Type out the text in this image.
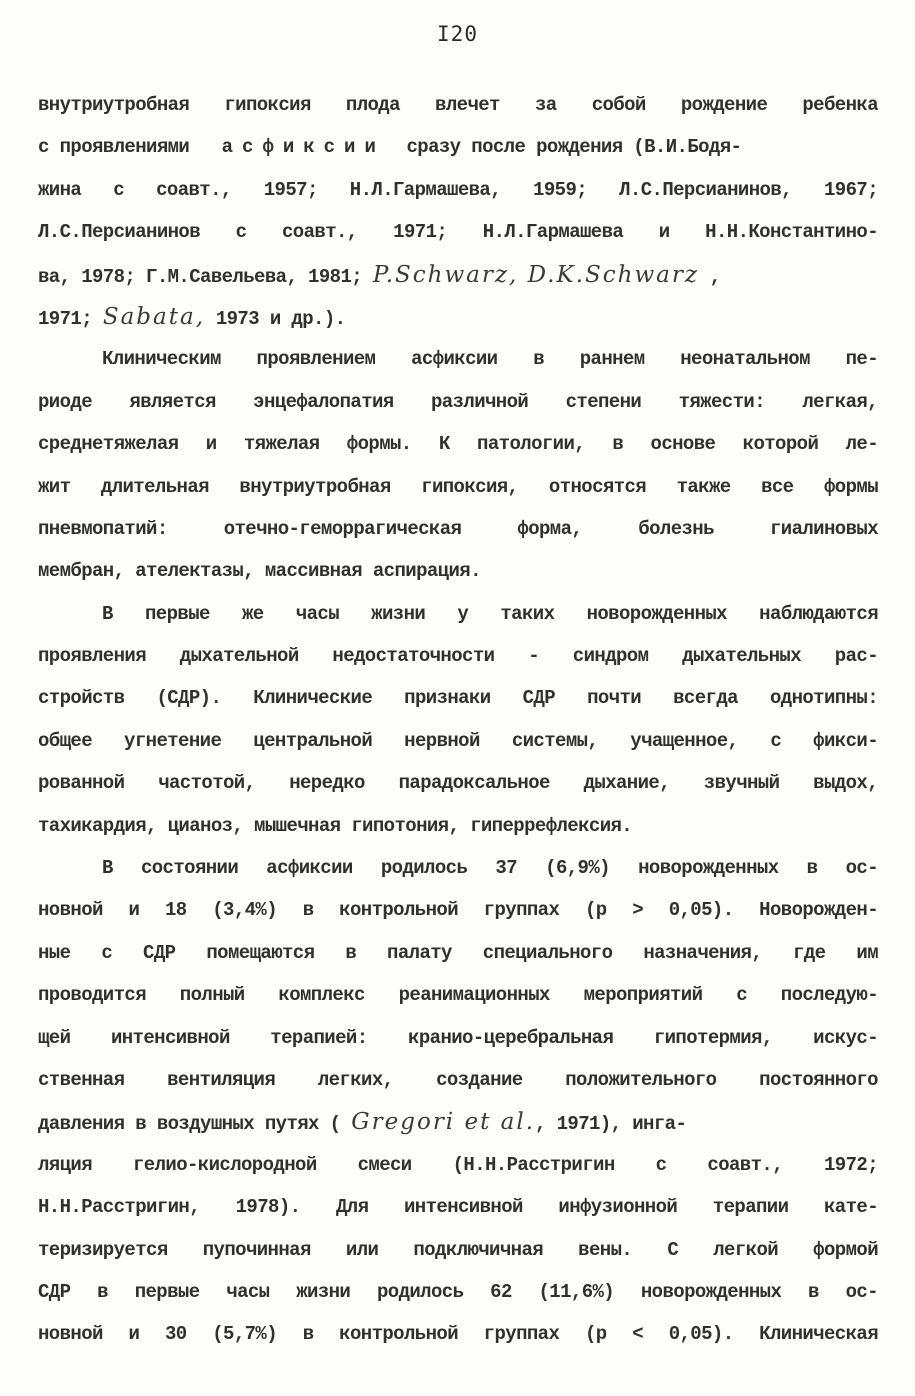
I20
внутриутробная гипоксия плода влечет за собой рождение ребенка
с проявлениями асфиксии сразу после рождения (В.И.Бодя-
жина с соавт., 1957; Н.Л.Гармашева, 1959; Л.С.Персианинов, 1967;
Л.С.Персианинов с соавт., 1971; Н.Л.Гармашева и Н.Н.Константино-
ва, 1978; Г.М.Савельева, 1981; P.Schwarz, D.K.Schwarz ,
1971; Sabata, 1973 и др.).
Клиническим проявлением асфиксии в раннем неонатальном пе-
риоде является энцефалопатия различной степени тяжести: легкая,
среднетяжелая и тяжелая формы. К патологии, в основе которой ле-
жит длительная внутриутробная гипоксия, относятся также все формы
пневмопатий: отечно-геморрагическая форма, болезнь гиалиновых
мембран, ателектазы, массивная аспирация.
В первые же часы жизни у таких новорожденных наблюдаются
проявления дыхательной недостаточности - синдром дыхательных рас-
стройств (СДР). Клинические признаки СДР почти всегда однотипны:
общее угнетение центральной нервной системы, учащенное, с фикси-
рованной частотой, нередко парадоксальное дыхание, звучный выдох,
тахикардия, цианоз, мышечная гипотония, гиперрефлексия.
В состоянии асфиксии родилось 37 (6,9%) новорожденных в ос-
новной и 18 (3,4%) в контрольной группах (р > 0,05). Новорожден-
ные с СДР помещаются в палату специального назначения, где им
проводится полный комплекс реанимационных мероприятий с последую-
щей интенсивной терапией: кранио-церебральная гипотермия, искус-
ственная вентиляция легких, создание положительного постоянного
давления в воздушных путях ( Gregori et al., 1971), инга-
ляция гелио-кислородной смеси (Н.Н.Расстригин с соавт., 1972;
Н.Н.Расстригин, 1978). Для интенсивной инфузионной терапии кате-
теризируется пупочинная или подключичная вены. С легкой формой
СДР в первые часы жизни родилось 62 (11,6%) новорожденных в ос-
новной и 30 (5,7%) в контрольной группах (р < 0,05). Клиническая
